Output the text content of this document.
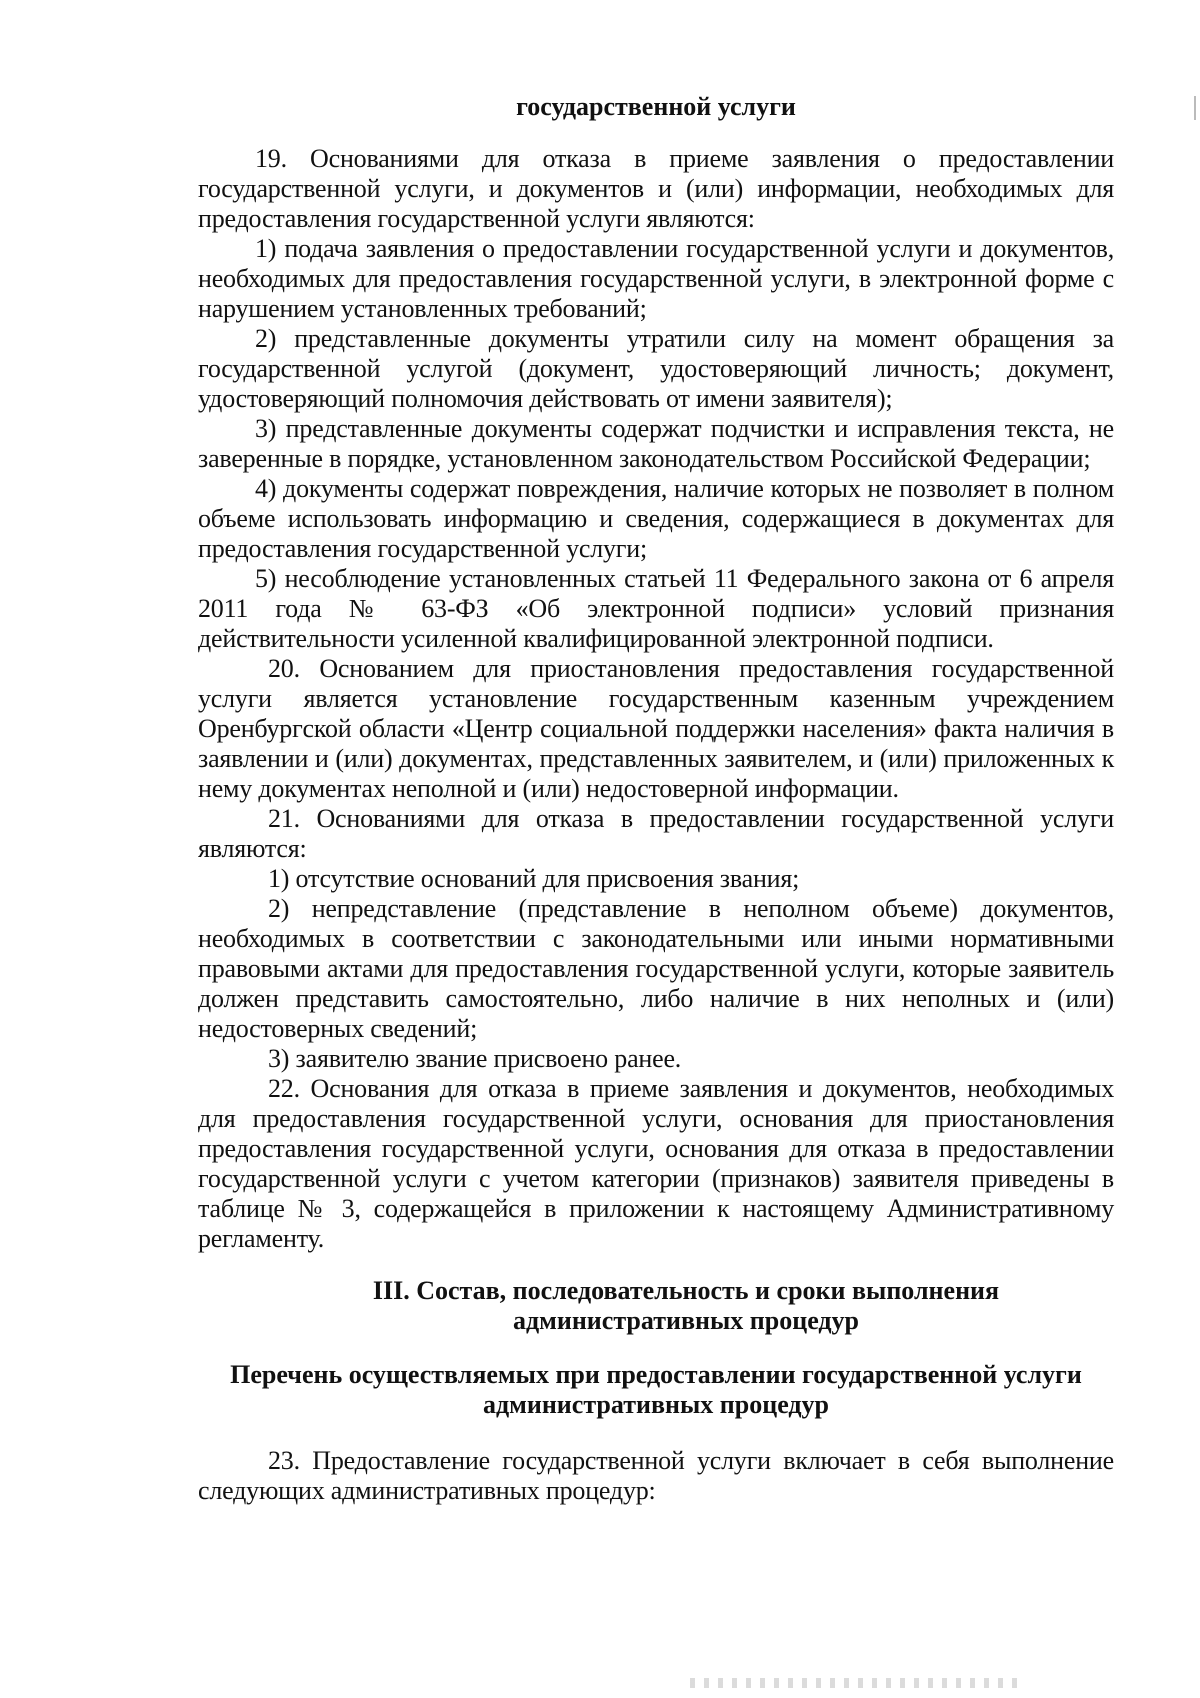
государственной услуги

19. Основаниями для отказа в приеме заявления о предоставлении государственной услуги, и документов и (или) информации, необходимых для предоставления государственной услуги являются:

1) подача заявления о предоставлении государственной услуги и документов, необходимых для предоставления государственной услуги, в электронной форме с нарушением установленных требований;

2) представленные документы утратили силу на момент обращения за государственной услугой (документ, удостоверяющий личность; документ, удостоверяющий полномочия действовать от имени заявителя);

3) представленные документы содержат подчистки и исправления текста, не заверенные в порядке, установленном законодательством Российской Федерации;

4) документы содержат повреждения, наличие которых не позволяет в полном объеме использовать информацию и сведения, содержащиеся в документах для предоставления государственной услуги;

5) несоблюдение установленных статьей 11 Федерального закона от 6 апреля 2011 года № 63-ФЗ «Об электронной подписи» условий признания действительности усиленной квалифицированной электронной подписи.

20. Основанием для приостановления предоставления государственной услуги является установление государственным казенным учреждением Оренбургской области «Центр социальной поддержки населения» факта наличия в заявлении и (или) документах, представленных заявителем, и (или) приложенных к нему документах неполной и (или) недостоверной информации.

21. Основаниями для отказа в предоставлении государственной услуги являются:

1) отсутствие оснований для присвоения звания;

2) непредставление (представление в неполном объеме) документов, необходимых в соответствии с законодательными или иными нормативными правовыми актами для предоставления государственной услуги, которые заявитель должен представить самостоятельно, либо наличие в них неполных и (или) недостоверных сведений;

3) заявителю звание присвоено ранее.

22. Основания для отказа в приеме заявления и документов, необходимых для предоставления государственной услуги, основания для приостановления предоставления государственной услуги, основания для отказа в предоставлении государственной услуги с учетом категории (признаков) заявителя приведены в таблице № 3, содержащейся в приложении к настоящему Административному регламенту.

III. Состав, последовательность и сроки выполнения административных процедур

Перечень осуществляемых при предоставлении государственной услуги административных процедур

23. Предоставление государственной услуги включает в себя выполнение следующих административных процедур:
